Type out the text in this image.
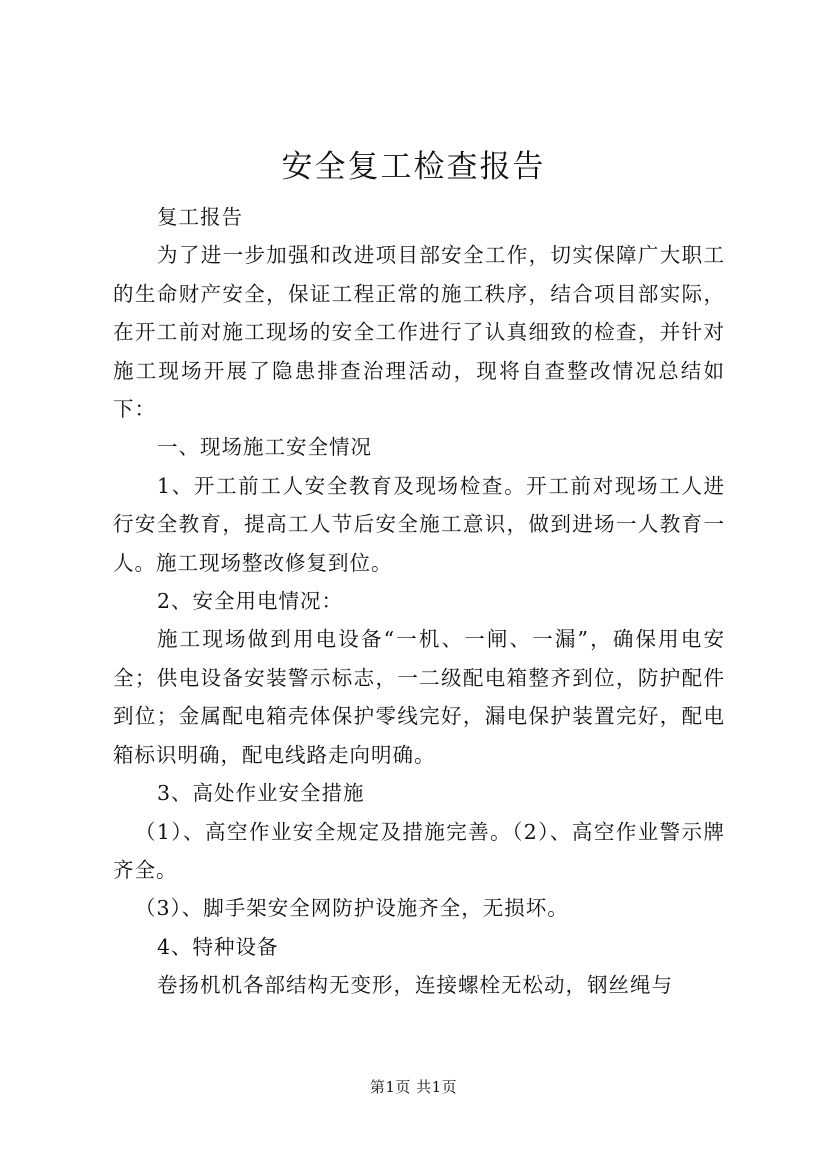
安全复工检查报告

复工报告

为了进一步加强和改进项目部安全工作，切实保障广大职工的生命财产安全，保证工程正常的施工秩序，结合项目部实际，在开工前对施工现场的安全工作进行了认真细致的检查，并针对施工现场开展了隐患排查治理活动，现将自查整改情况总结如下：

一、现场施工安全情况

1、开工前工人安全教育及现场检查。开工前对现场工人进行安全教育，提高工人节后安全施工意识，做到进场一人教育一人。施工现场整改修复到位。

2、安全用电情况：

施工现场做到用电设备“一机、一闸、一漏”，确保用电安全；供电设备安装警示标志，一二级配电箱整齐到位，防护配件到位；金属配电箱壳体保护零线完好，漏电保护装置完好，配电箱标识明确，配电线路走向明确。

3、高处作业安全措施

（1）、高空作业安全规定及措施完善。（2）、高空作业警示牌齐全。

（3）、脚手架安全网防护设施齐全，无损坏。

4、特种设备

卷扬机机各部结构无变形，连接螺栓无松动，钢丝绳与

第1页 共1页
